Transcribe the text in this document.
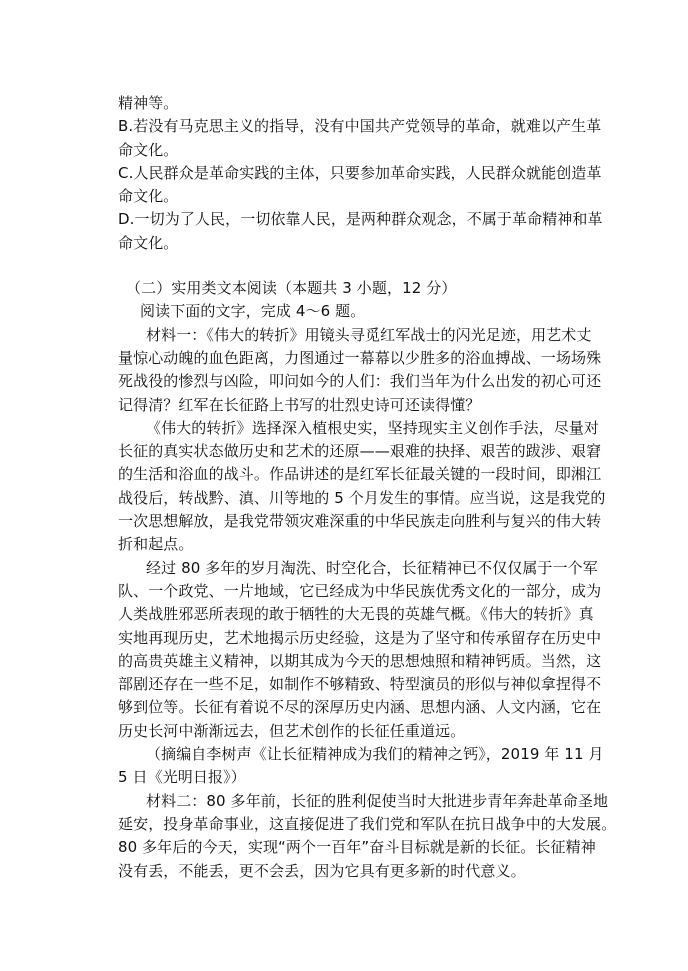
精神等。
B.若没有马克思主义的指导，没有中国共产党领导的革命，就难以产生革
命文化。
C.人民群众是革命实践的主体，只要参加革命实践，人民群众就能创造革
命文化。
D.一切为了人民，一切依靠人民，是两种群众观念，不属于革命精神和革
命文化。
（二）实用类文本阅读（本题共 3 小题，12 分）
阅读下面的文字，完成 4～6 题。
材料一：《伟大的转折》用镜头寻觅红军战士的闪光足迹，用艺术丈
量惊心动魄的血色距离，力图通过一幕幕以少胜多的浴血搏战、一场场殊
死战役的惨烈与凶险，叩问如今的人们：我们当年为什么出发的初心可还
记得清？红军在长征路上书写的壮烈史诗可还读得懂？
《伟大的转折》选择深入植根史实，坚持现实主义创作手法，尽量对
长征的真实状态做历史和艺术的还原——艰难的抉择、艰苦的跋涉、艰窘
的生活和浴血的战斗。作品讲述的是红军长征最关键的一段时间，即湘江
战役后，转战黔、滇、川等地的 5 个月发生的事情。应当说，这是我党的
一次思想解放，是我党带领灾难深重的中华民族走向胜利与复兴的伟大转
折和起点。
经过 80 多年的岁月淘洗、时空化合，长征精神已不仅仅属于一个军
队、一个政党、一片地域，它已经成为中华民族优秀文化的一部分，成为
人类战胜邪恶所表现的敢于牺牲的大无畏的英雄气概。《伟大的转折》真
实地再现历史，艺术地揭示历史经验，这是为了坚守和传承留存在历史中
的高贵英雄主义精神，以期其成为今天的思想烛照和精神钙质。当然，这
部剧还存在一些不足，如制作不够精致、特型演员的形似与神似拿捏得不
够到位等。长征有着说不尽的深厚历史内涵、思想内涵、人文内涵，它在
历史长河中渐渐远去，但艺术创作的长征任重道远。
（摘编自李树声《让长征精神成为我们的精神之钙》，2019 年 11 月
5 日《光明日报》）
材料二：80 多年前，长征的胜利促使当时大批进步青年奔赴革命圣地
延安，投身革命事业，这直接促进了我们党和军队在抗日战争中的大发展。
80 多年后的今天，实现“两个一百年”奋斗目标就是新的长征。长征精神
没有丢，不能丢，更不会丢，因为它具有更多新的时代意义。
